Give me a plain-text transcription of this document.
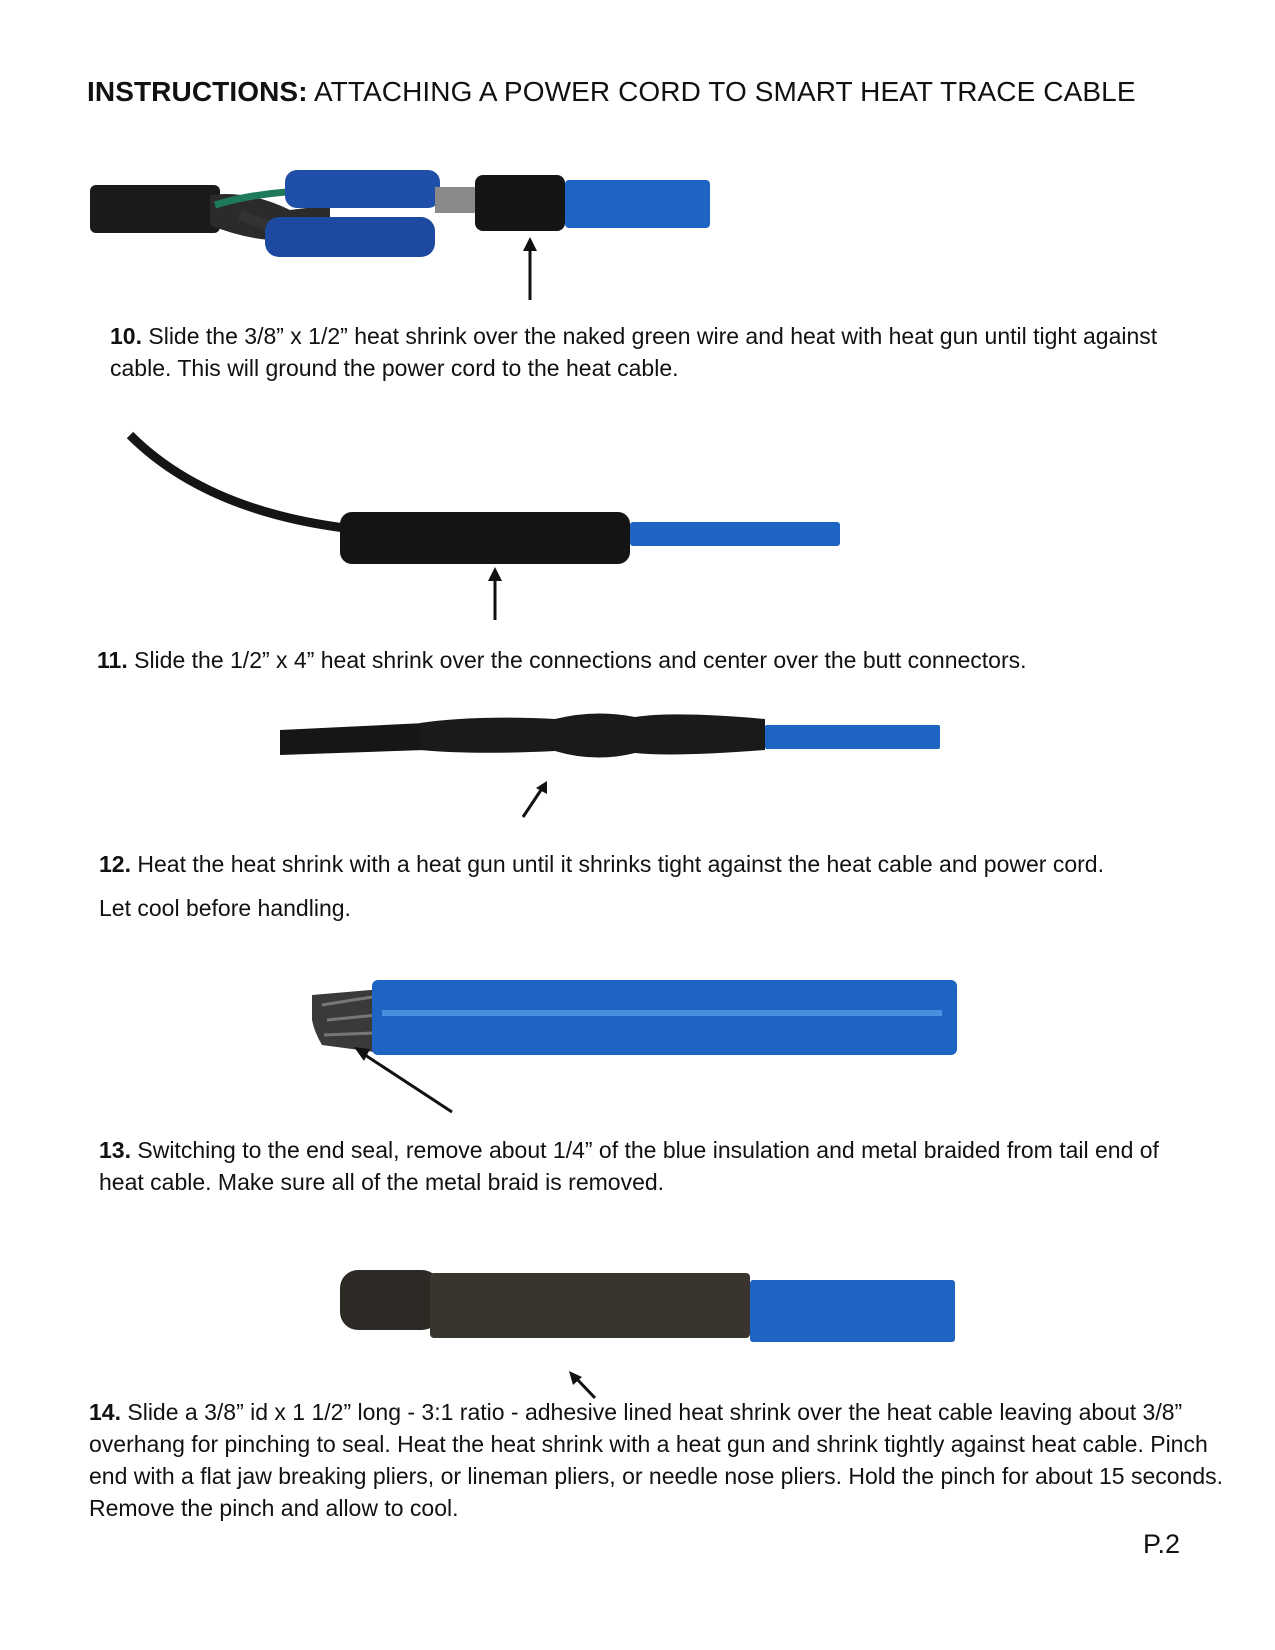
INSTRUCTIONS: ATTACHING A POWER CORD TO SMART HEAT TRACE CABLE
10. Slide the 3/8” x 1/2” heat shrink over the naked green wire and heat with heat gun until tight against cable. This will ground the power cord to the heat cable.
11. Slide the 1/2” x 4” heat shrink over the connections and center over the butt connectors.
12. Heat the heat shrink with a heat gun until it shrinks tight against the heat cable and power cord.
Let cool before handling.
13. Switching to the end seal, remove about 1/4” of the blue insulation and metal braided from tail end of heat cable. Make sure all of the metal braid is removed.
14. Slide a 3/8” id x 1 1/2” long - 3:1 ratio - adhesive lined heat shrink over the heat cable leaving about 3/8” overhang for pinching to seal. Heat the heat shrink with a heat gun and shrink tightly against heat cable. Pinch end with a flat jaw breaking pliers, or lineman pliers, or needle nose pliers. Hold the pinch for about 15 seconds. Remove the pinch and allow to cool.
P.2
